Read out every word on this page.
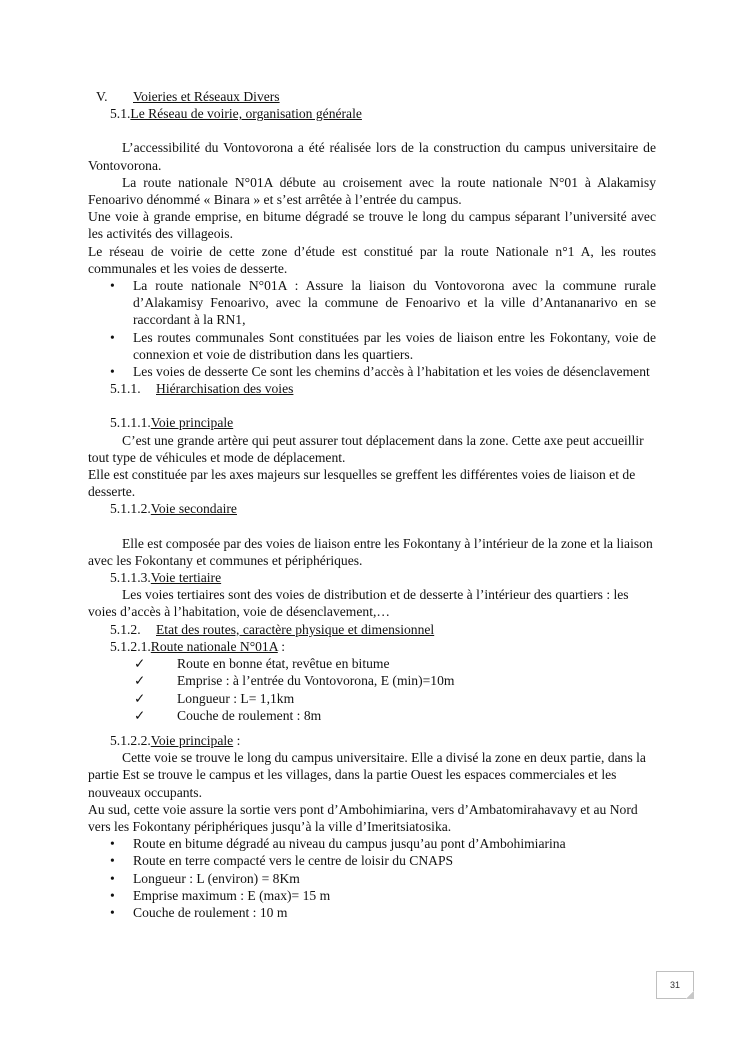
V. Voieries et Réseaux Divers
5.1.Le Réseau de voirie, organisation générale

L’accessibilité du Vontovorona a été réalisée lors de la construction du campus universitaire de Vontovorona.

La route nationale N°01A débute au croisement avec la route nationale N°01 à Alakamisy Fenoarivo dénommé « Binara » et s’est arrêtée à l’entrée du campus.

Une voie à grande emprise, en bitume dégradé se trouve le long du campus séparant l’université avec les activités des villageois.

Le réseau de voirie de cette zone d’étude est constitué par la route Nationale n°1 A, les routes communales et les voies de desserte.

• La route nationale N°01A : Assure la liaison du Vontovorona avec la commune rurale d’Alakamisy Fenoarivo, avec la commune de Fenoarivo et la ville d’Antananarivo en se raccordant à la RN1,
• Les routes communales Sont constituées par les voies de liaison entre les Fokontany, voie de connexion et voie de distribution dans les quartiers.
• Les voies de desserte Ce sont les chemins d’accès à l’habitation et les voies de désenclavement
5.1.1. Hiérarchisation des voies
5.1.1.1.Voie principale

C’est une grande artère qui peut assurer tout déplacement dans la zone. Cette axe peut accueillir tout type de véhicules et mode de déplacement.

Elle est constituée par les axes majeurs sur lesquelles se greffent les différentes voies de liaison et de desserte.

5.1.1.2.Voie secondaire

Elle est composée par des voies de liaison entre les Fokontany à l’intérieur de la zone et la liaison avec les Fokontany et communes et périphériques.

5.1.1.3.Voie tertiaire

Les voies tertiaires sont des voies de distribution et de desserte à l’intérieur des quartiers : les voies d’accès à l’habitation, voie de désenclavement,…

5.1.2. Etat des routes, caractère physique et dimensionnel
5.1.2.1.Route nationale N°01A :
✓ Route en bonne état, revêtue en bitume
✓ Emprise : à l’entrée du Vontovorona, E (min)=10m
✓ Longueur : L= 1,1km
✓ Couche de roulement : 8m
5.1.2.2.Voie principale :

Cette voie se trouve le long du campus universitaire. Elle a divisé la zone en deux partie, dans la partie Est se trouve le campus et les villages, dans la partie Ouest les espaces commerciales et les nouveaux occupants.

Au sud, cette voie assure la sortie vers pont d’Ambohimiarina, vers d’Ambatomirahavavy et au Nord vers les Fokontany périphériques jusqu’à la ville d’Imeritsiatosika.

• Route en bitume dégradé au niveau du campus jusqu’au pont d’Ambohimiarina
• Route en terre compacté vers le centre de loisir du CNAPS
• Longueur : L (environ) = 8Km
• Emprise maximum : E (max)= 15 m
• Couche de roulement : 10 m
31
